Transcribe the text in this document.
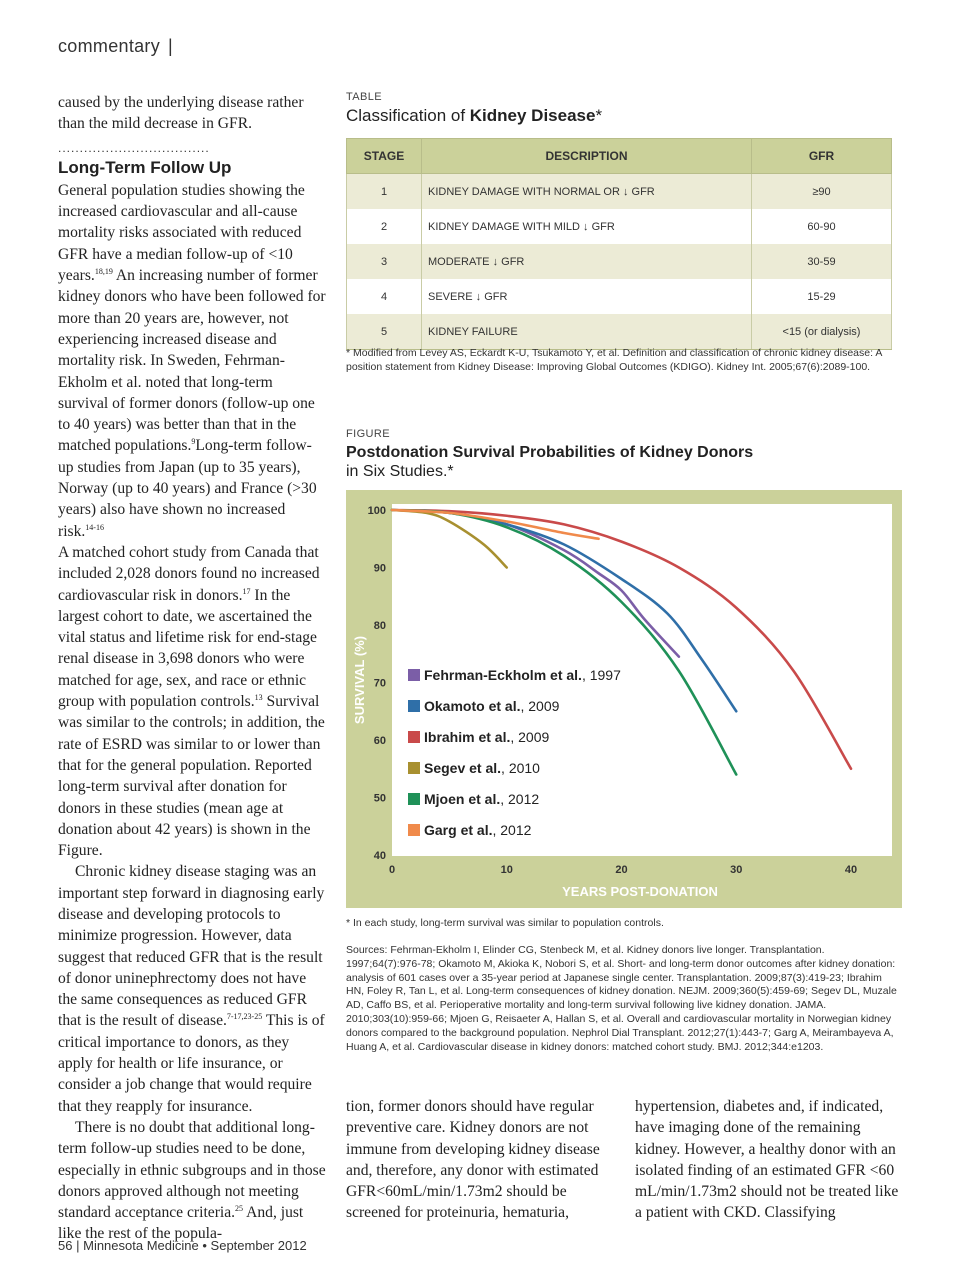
commentary |

caused by the underlying disease rather than the mild decrease in GFR.

...................................
Long-Term Follow Up

General population studies showing the increased cardiovascular and all-cause mortality risks associated with reduced GFR have a median follow-up of <10 years.$^{18,19}$ An increasing number of former kidney donors who have been followed for more than 20 years are, however, not experiencing increased disease and mortality risk. In Sweden, Fehrman-Ekholm et al. noted that long-term survival of former donors (follow-up one to 40 years) was better than that in the matched populations.$^9$Long-term follow-up studies from Japan (up to 35 years), Norway (up to 40 years) and France (>30 years) also have shown no increased risk.$^{14-16}$
A matched cohort study from Canada that included 2,028 donors found no increased cardiovascular risk in donors.$^{17}$ In the largest cohort to date, we ascertained the vital status and lifetime risk for end-stage renal disease in 3,698 donors who were matched for age, sex, and race or ethnic group with population controls.$^{13}$ Survival was similar to the controls; in addition, the rate of ESRD was similar to or lower than that for the general population. Reported long-term survival after donation for donors in these studies (mean age at donation about 42 years) is shown in the Figure.

Chronic kidney disease staging was an important step forward in diagnosing early disease and developing protocols to minimize progression. However, data suggest that reduced GFR that is the result of donor uninephrectomy does not have the same consequences as reduced GFR that is the result of disease.$^{7-17,23-25}$ This is of critical importance to donors, as they apply for health or life insurance, or consider a job change that would require that they reapply for insurance.

There is no doubt that additional long-term follow-up studies need to be done, especially in ethnic subgroups and in those donors approved although not meeting standard acceptance criteria.$^{25}$ And, just like the rest of the popula-

TABLE
Classification of Kidney Disease*
STAGE	DESCRIPTION	GFR
1	KIDNEY DAMAGE WITH NORMAL OR ↓ GFR	≥90
2	KIDNEY DAMAGE WITH MILD ↓ GFR	60-90
3	MODERATE ↓ GFR	30-59
4	SEVERE ↓ GFR	15-29
5	KIDNEY FAILURE	<15 (or dialysis)
* Modified from Levey AS, Eckardt K-U, Tsukamoto Y, et al. Definition and classification of chronic kidney disease: A position statement from Kidney Disease: Improving Global Outcomes (KDIGO). Kidney Int. 2005;67(6):2089-100.
FIGURE
Postdonation Survival Probabilities of Kidney Donors
in Six Studies.*
100
90
80
70
60
50
40
0	10	20	30	40
YEARS POST-DONATION
SURVIVAL (%)	Fehrman-Eckholm et al., 1997
Okamoto et al., 2009
Ibrahim et al., 2009
Segev et al., 2010
Mjoen et al., 2012
Garg et al., 2012
* In each study, long-term survival was similar to population controls.
Sources: Fehrman-Ekholm I, Elinder CG, Stenbeck M, et al. Kidney donors live longer. Transplantation. 1997;64(7):976-78; Okamoto M, Akioka K, Nobori S, et al. Short- and long-term donor outcomes after kidney donation: analysis of 601 cases over a 35-year period at Japanese single center. Transplantation. 2009;87(3):419-23; Ibrahim HN, Foley R, Tan L, et al. Long-term consequences of kidney donation. NEJM. 2009;360(5):459-69; Segev DL, Muzale AD, Caffo BS, et al. Perioperative mortality and long-term survival following live kidney donation. JAMA. 2010;303(10):959-66; Mjoen G, Reisaeter A, Hallan S, et al. Overall and cardiovascular mortality in Norwegian kidney donors compared to the background population. Nephrol Dial Transplant. 2012;27(1):443-7; Garg A, Meirambayeva A, Huang A, et al. Cardiovascular disease in kidney donors: matched cohort study. BMJ. 2012;344:e1203.

tion, former donors should have regular preventive care. Kidney donors are not immune from developing kidney disease and, therefore, any donor with estimated GFR<60mL/min/1.73m2 should be screened for proteinuria, hematuria,

hypertension, diabetes and, if indicated, have imaging done of the remaining kidney. However, a healthy donor with an isolated finding of an estimated GFR <60 mL/min/1.73m2 should not be treated like a patient with CKD. Classifying

56 | Minnesota Medicine • September 2012
